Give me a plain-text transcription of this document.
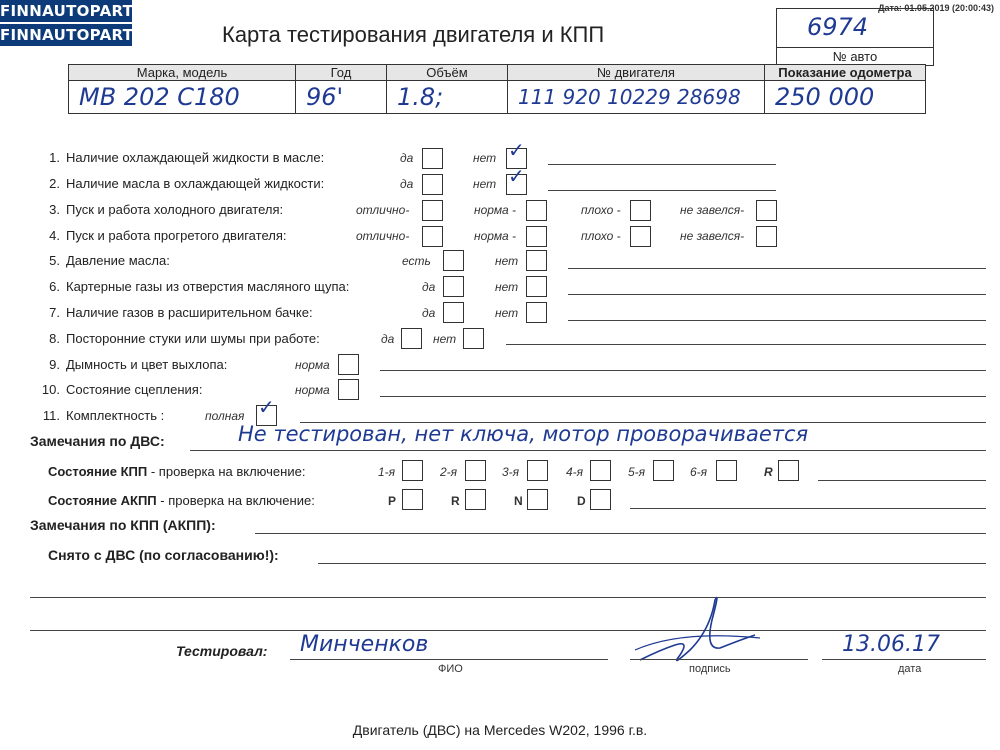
FINNAUTOPARTS
FINNAUTOPARTS
Дата: 01.05.2019 (20:00:43)
Карта тестирования двигателя и КПП	6974
№ авто
Марка, модель	Год	Объём	№ двигателя	Показание одометра
MB 202 C180	96'	1.8;	111 920 10229 28698	250 000
1. Наличие охлаждающей жидкости в масле:	да	нет ✓
2. Наличие масла в охлаждающей жидкости:	да	нет ✓
3. Пуск и работа холодного двигателя:	отлично-	норма -	плохо -	не завелся-
4. Пуск и работа прогретого двигателя:	отлично-	норма -	плохо -	не завелся-
5. Давление масла:	есть	нет
6. Картерные газы из отверстия масляного щупа:	да	нет
7. Наличие газов в расширительном бачке:	да	нет
8. Посторонние стуки или шумы при работе:	да	нет
9. Дымность и цвет выхлопа:	норма
10. Состояние сцепления:	норма
11. Комплектность :	полная ✓
Замечания по ДВС:	Не тестирован, нет ключа, мотор проворачивается
Состояние КПП - проверка на включение:	1-я	2-я	3-я	4-я	5-я	6-я	R
Состояние АКПП - проверка на включение:	P	R	N	D
Замечания по КПП (АКПП):
Снято с ДВС (по согласованию!):
Тестировал: Минченков
ФИО	подпись
13.06.17
дата
Двигатель (ДВС) на Mercedes W202, 1996 г.в.
